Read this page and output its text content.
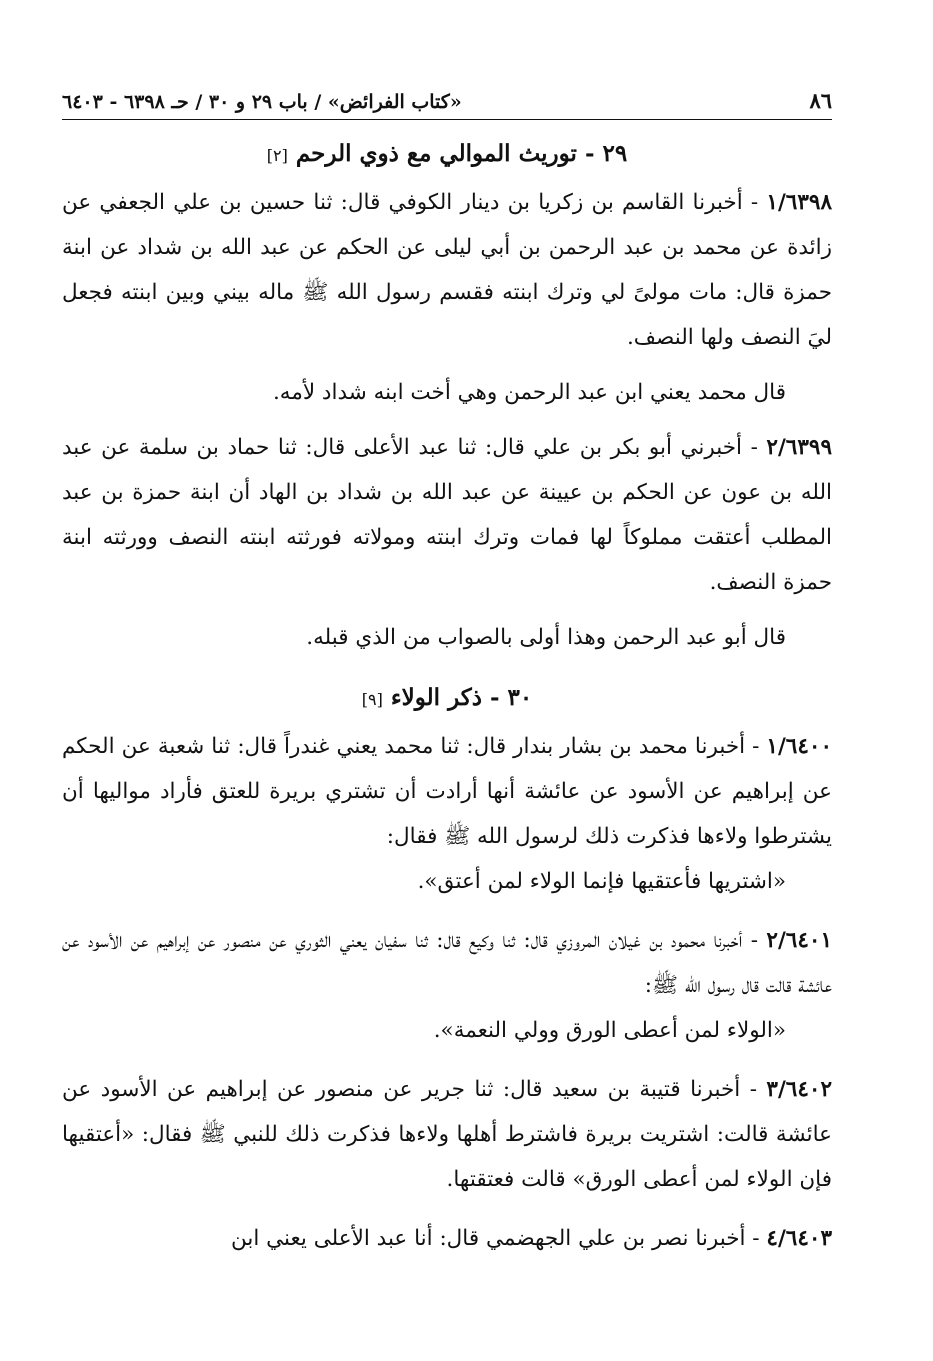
٨٦
«كتاب الفرائض» / باب ٢٩ و ٣٠ / حـ ٦٣٩٨ - ٦٤٠٣
٢٩ - توريث الموالي مع ذوي الرحم [٢]

١/٦٣٩٨ - أخبرنا القاسم بن زكريا بن دينار الكوفي قال: ثنا حسين بن علي الجعفي عن زائدة عن محمد بن عبد الرحمن بن أبي ليلى عن الحكم عن عبد الله بن شداد عن ابنة حمزة قال: مات مولىً لي وترك ابنته فقسم رسول الله ﷺ ماله بيني وبين ابنته فجعل ليَ النصف ولها النصف.

قال محمد يعني ابن عبد الرحمن وهي أخت ابنه شداد لأمه.

٢/٦٣٩٩ - أخبرني أبو بكر بن علي قال: ثنا عبد الأعلى قال: ثنا حماد بن سلمة عن عبد الله بن عون عن الحكم بن عيينة عن عبد الله بن شداد بن الهاد أن ابنة حمزة بن عبد المطلب أعتقت مملوكاً لها فمات وترك ابنته ومولاته فورثته ابنته النصف وورثته ابنة حمزة النصف.

قال أبو عبد الرحمن وهذا أولى بالصواب من الذي قبله.

٣٠ - ذكر الولاء [٩]

١/٦٤٠٠ - أخبرنا محمد بن بشار بندار قال: ثنا محمد يعني غندراً قال: ثنا شعبة عن الحكم عن إبراهيم عن الأسود عن عائشة أنها أرادت أن تشتري بريرة للعتق فأراد مواليها أن يشترطوا ولاءها فذكرت ذلك لرسول الله ﷺ فقال:

«اشتريها فأعتقيها فإنما الولاء لمن أعتق».

٢/٦٤٠١ - أخبرنا محمود بن غيلان المروزي قال: ثنا وكيع قال: ثنا سفيان يعني الثوري عن منصور عن إبراهيم عن الأسود عن عائشة قالت قال رسول الله ﷺ:

«الولاء لمن أعطى الورق وولي النعمة».

٣/٦٤٠٢ - أخبرنا قتيبة بن سعيد قال: ثنا جرير عن منصور عن إبراهيم عن الأسود عن عائشة قالت: اشتريت بريرة فاشترط أهلها ولاءها فذكرت ذلك للنبي ﷺ فقال: «أعتقيها فإن الولاء لمن أعطى الورق» قالت فعتقتها.

٤/٦٤٠٣ - أخبرنا نصر بن علي الجهضمي قال: أنا عبد الأعلى يعني ابن
